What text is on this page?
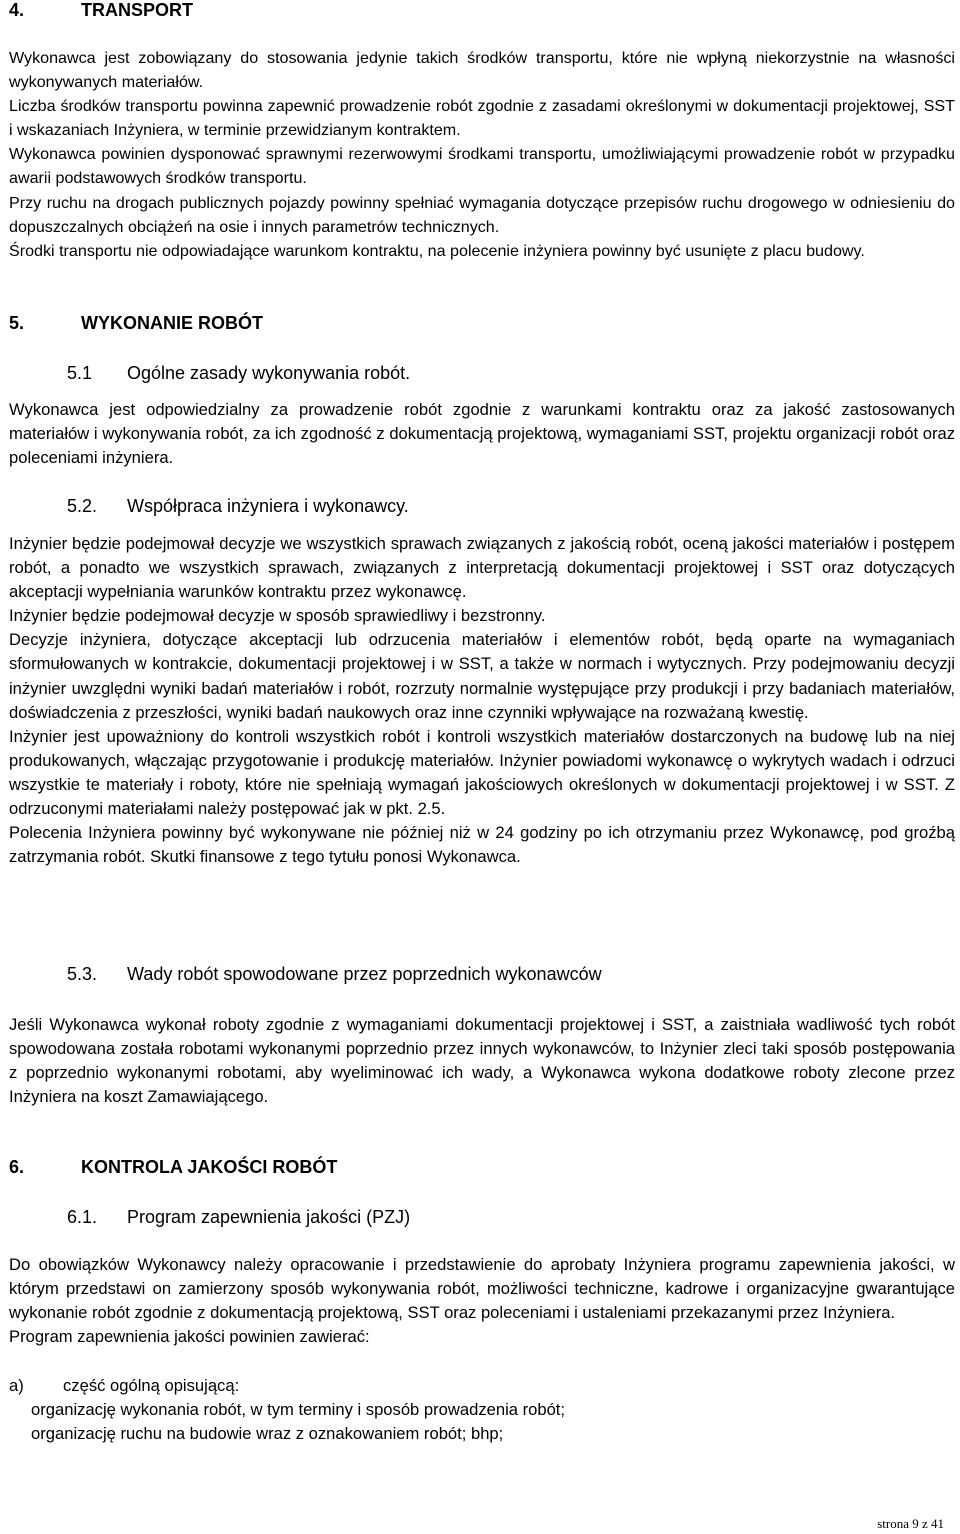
4.	TRANSPORT

Wykonawca jest zobowiązany do stosowania jedynie takich środków transportu, które nie wpłyną niekorzystnie na własności wykonywanych materiałów.

Liczba środków transportu powinna zapewnić prowadzenie robót zgodnie z zasadami określonymi w dokumentacji projektowej, SST i wskazaniach Inżyniera, w terminie przewidzianym kontraktem.

Wykonawca powinien dysponować sprawnymi rezerwowymi środkami transportu, umożliwiającymi prowadzenie robót w przypadku awarii podstawowych środków transportu.

Przy ruchu na drogach publicznych pojazdy powinny spełniać wymagania dotyczące przepisów ruchu drogowego w odniesieniu do dopuszczalnych obciążeń na osie i innych parametrów technicznych.

Środki transportu nie odpowiadające warunkom kontraktu, na polecenie inżyniera powinny być usunięte z placu budowy.

5.	WYKONANIE ROBÓT
5.1 Ogólne zasady wykonywania robót.

Wykonawca jest odpowiedzialny za prowadzenie robót zgodnie z warunkami kontraktu oraz za jakość zastosowanych materiałów i wykonywania robót, za ich zgodność z dokumentacją projektową, wymaganiami SST, projektu organizacji robót oraz poleceniami inżyniera.

5.2. Współpraca inżyniera i wykonawcy.

Inżynier będzie podejmował decyzje we wszystkich sprawach związanych z jakością robót, oceną jakości materiałów i postępem robót, a ponadto we wszystkich sprawach, związanych z interpretacją dokumentacji projektowej i SST oraz dotyczących akceptacji wypełniania warunków kontraktu przez wykonawcę.

Inżynier będzie podejmował decyzje w sposób sprawiedliwy i bezstronny.

Decyzje inżyniera, dotyczące akceptacji lub odrzucenia materiałów i elementów robót, będą oparte na wymaganiach sformułowanych w kontrakcie, dokumentacji projektowej i w SST, a także w normach i wytycznych. Przy podejmowaniu decyzji inżynier uwzględni wyniki badań materiałów i robót, rozrzuty normalnie występujące przy produkcji i przy badaniach materiałów, doświadczenia z przeszłości, wyniki badań naukowych oraz inne czynniki wpływające na rozważaną kwestię.

Inżynier jest upoważniony do kontroli wszystkich robót i kontroli wszystkich materiałów dostarczonych na budowę lub na niej produkowanych, włączając przygotowanie i produkcję materiałów. Inżynier powiadomi wykonawcę o wykrytych wadach i odrzuci wszystkie te materiały i roboty, które nie spełniają wymagań jakościowych określonych w dokumentacji projektowej i w SST. Z odrzuconymi materiałami należy postępować jak w pkt. 2.5.

Polecenia Inżyniera powinny być wykonywane nie później niż w 24 godziny po ich otrzymaniu przez Wykonawcę, pod groźbą zatrzymania robót. Skutki finansowe z tego tytułu ponosi Wykonawca.

5.3. Wady robót spowodowane przez poprzednich wykonawców

Jeśli Wykonawca wykonał roboty zgodnie z wymaganiami dokumentacji projektowej i SST, a zaistniała wadliwość tych robót spowodowana została robotami wykonanymi poprzednio przez innych wykonawców, to Inżynier zleci taki sposób postępowania z poprzednio wykonanymi robotami, aby wyeliminować ich wady, a Wykonawca wykona dodatkowe roboty zlecone przez Inżyniera na koszt Zamawiającego.

6.	KONTROLA JAKOŚCI ROBÓT
6.1. Program zapewnienia jakości (PZJ)

Do obowiązków Wykonawcy należy opracowanie i przedstawienie do aprobaty Inżyniera programu zapewnienia jakości, w którym przedstawi on zamierzony sposób wykonywania robót, możliwości techniczne, kadrowe i organizacyjne gwarantujące wykonanie robót zgodnie z dokumentacją projektową, SST oraz poleceniami i ustaleniami przekazanymi przez Inżyniera.

Program zapewnienia jakości powinien zawierać:

a) część ogólną opisującą:
organizację wykonania robót, w tym terminy i sposób prowadzenia robót;
organizację ruchu na budowie wraz z oznakowaniem robót; bhp;
strona 9 z 41
